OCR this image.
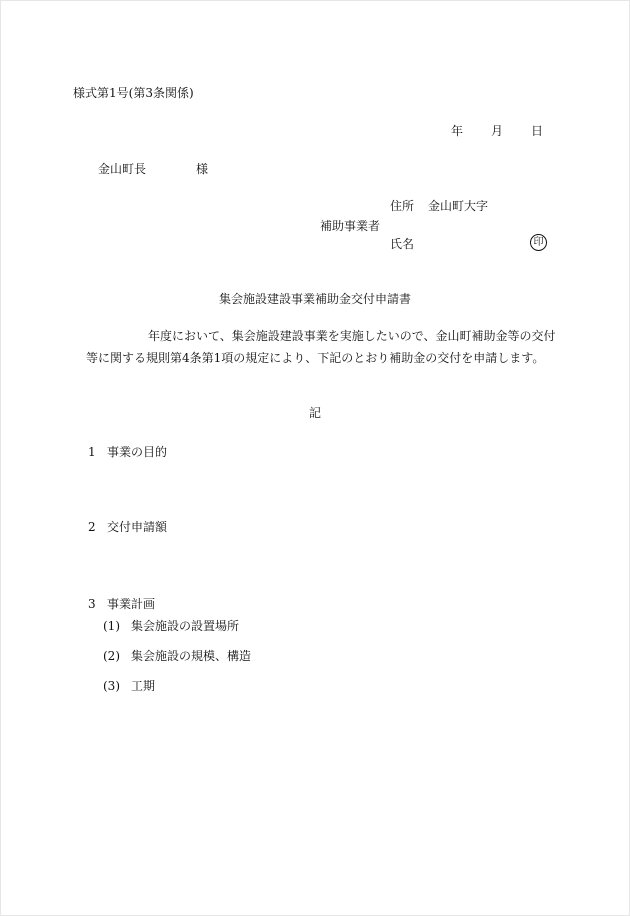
様式第1号(第3条関係)
年 月 日
金山町長	様
住所 金山町大字
補助事業者
氏名	印
集会施設建設事業補助金交付申請書
年度において、集会施設建設事業を実施したいので、金山町補助金等の交付
等に関する規則第4条第1項の規定により、下記のとおり補助金の交付を申請します。
記
1 事業の目的
2 交付申請額
3 事業計画
(1) 集会施設の設置場所
(2) 集会施設の規模、構造
(3) 工期
